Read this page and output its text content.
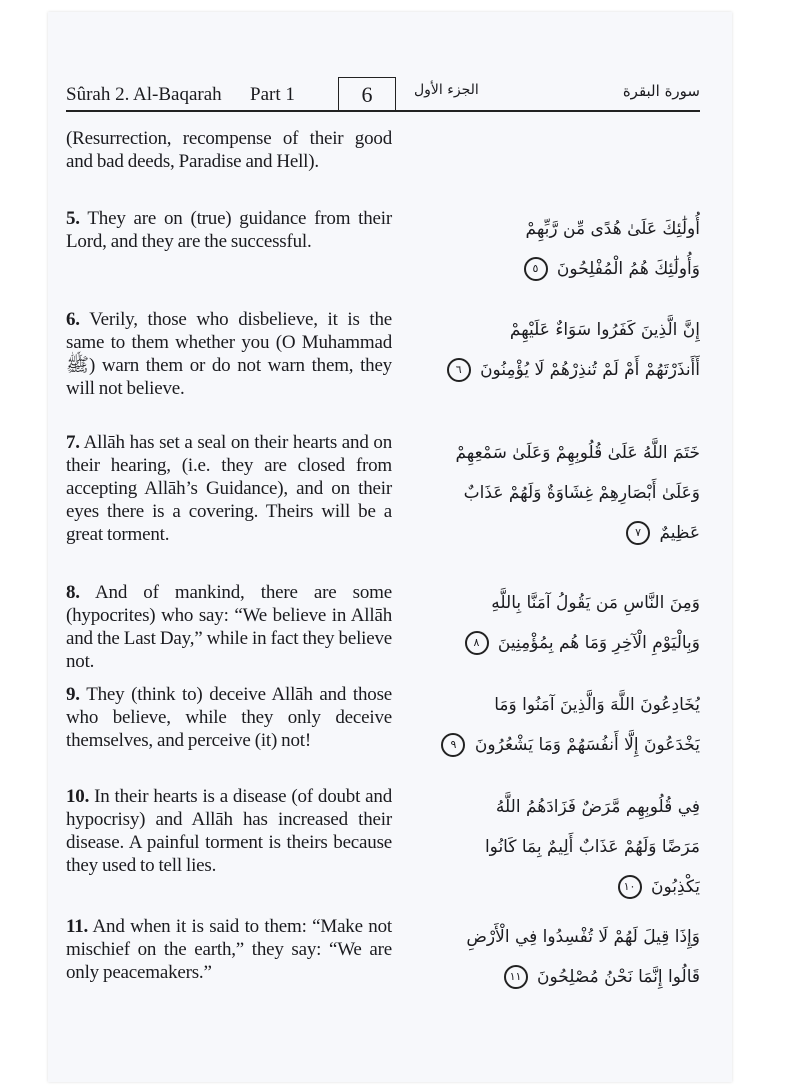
Sûrah 2. Al-Baqarah Part 1	6	الجزء الأول	سورة البقرة
(Resurrection, recompense of their good and bad deeds, Paradise and Hell).
5. They are on (true) guidance from their Lord, and they are the successful.
أُولَٰئِكَ عَلَىٰ هُدًى مِّن رَّبِّهِمْ
وَأُولَٰئِكَ هُمُ الْمُفْلِحُونَ ٥
6. Verily, those who disbelieve, it is the same to them whether you (O Muhammad ﷺ) warn them or do not warn them, they will not believe.
إِنَّ الَّذِينَ كَفَرُوا سَوَاءٌ عَلَيْهِمْ
أَأَنذَرْتَهُمْ أَمْ لَمْ تُنذِرْهُمْ لَا يُؤْمِنُونَ ٦
7. Allāh has set a seal on their hearts and on their hearing, (i.e. they are closed from accepting Allāh’s Guidance), and on their eyes there is a covering. Theirs will be a great torment.
خَتَمَ اللَّهُ عَلَىٰ قُلُوبِهِمْ وَعَلَىٰ سَمْعِهِمْ
وَعَلَىٰ أَبْصَارِهِمْ غِشَاوَةٌ وَلَهُمْ عَذَابٌ
عَظِيمٌ ٧
8. And of mankind, there are some (hypocrites) who say: “We believe in Allāh and the Last Day,” while in fact they believe not.
وَمِنَ النَّاسِ مَن يَقُولُ آمَنَّا بِاللَّهِ
وَبِالْيَوْمِ الْآخِرِ وَمَا هُم بِمُؤْمِنِينَ ٨
9. They (think to) deceive Allāh and those who believe, while they only deceive themselves, and perceive (it) not!
يُخَادِعُونَ اللَّهَ وَالَّذِينَ آمَنُوا وَمَا
يَخْدَعُونَ إِلَّا أَنفُسَهُمْ وَمَا يَشْعُرُونَ ٩
10. In their hearts is a disease (of doubt and hypocrisy) and Allāh has increased their disease. A painful torment is theirs because they used to tell lies.
فِي قُلُوبِهِم مَّرَضٌ فَزَادَهُمُ اللَّهُ
مَرَضًا وَلَهُمْ عَذَابٌ أَلِيمٌ بِمَا كَانُوا
يَكْذِبُونَ ١٠
11. And when it is said to them: “Make not mischief on the earth,” they say: “We are only peacemakers.”
وَإِذَا قِيلَ لَهُمْ لَا تُفْسِدُوا فِي الْأَرْضِ
قَالُوا إِنَّمَا نَحْنُ مُصْلِحُونَ ١١
